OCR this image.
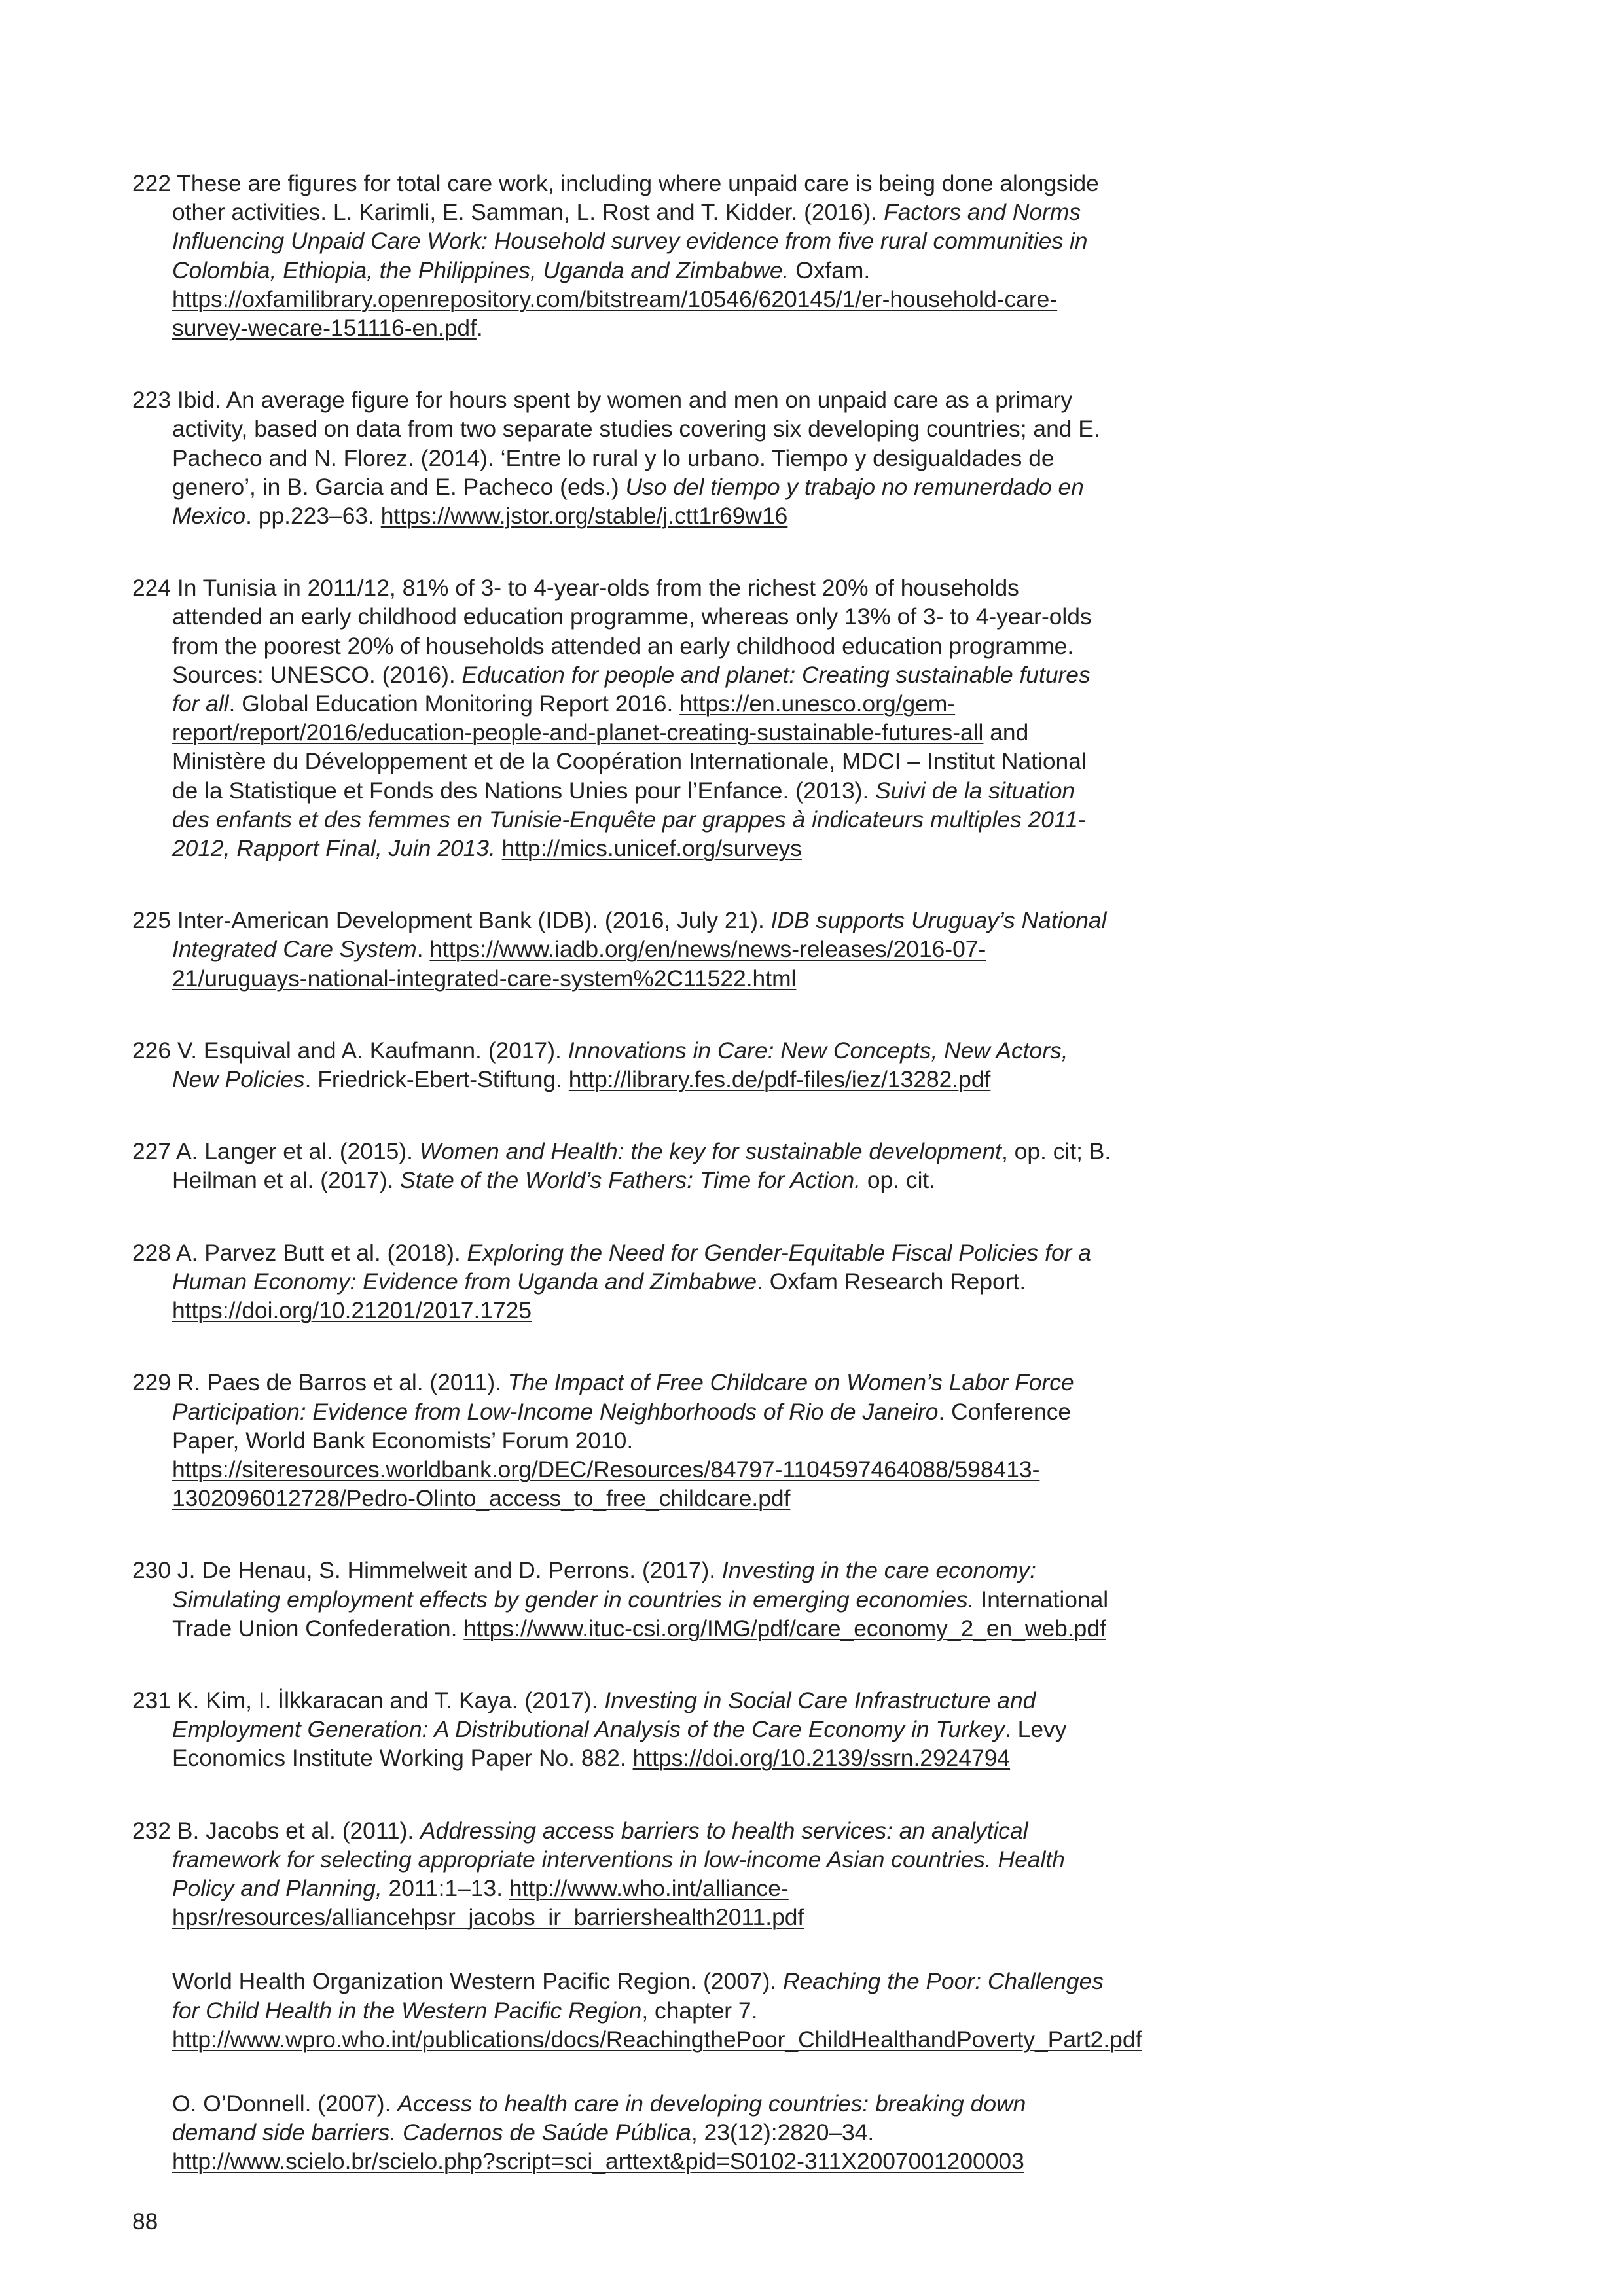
222 These are figures for total care work, including where unpaid care is being done alongside other activities. L. Karimli, E. Samman, L. Rost and T. Kidder. (2016). Factors and Norms Influencing Unpaid Care Work: Household survey evidence from five rural communities in Colombia, Ethiopia, the Philippines, Uganda and Zimbabwe. Oxfam. https://oxfamilibrary.openrepository.com/bitstream/10546/620145/1/er-household-care-survey-wecare-151116-en.pdf.

223 Ibid. An average figure for hours spent by women and men on unpaid care as a primary activity, based on data from two separate studies covering six developing countries; and E. Pacheco and N. Florez. (2014). ‘Entre lo rural y lo urbano. Tiempo y desigualdades de genero’, in B. Garcia and E. Pacheco (eds.) Uso del tiempo y trabajo no remunerdado en Mexico. pp.223–63. https://www.jstor.org/stable/j.ctt1r69w16

224 In Tunisia in 2011/12, 81% of 3- to 4-year-olds from the richest 20% of households attended an early childhood education programme, whereas only 13% of 3- to 4-year-olds from the poorest 20% of households attended an early childhood education programme. Sources: UNESCO. (2016). Education for people and planet: Creating sustainable futures for all. Global Education Monitoring Report 2016. https://en.unesco.org/gem-report/report/2016/education-people-and-planet-creating-sustainable-futures-all and Ministère du Développement et de la Coopération Internationale, MDCI – Institut National de la Statistique et Fonds des Nations Unies pour l’Enfance. (2013). Suivi de la situation des enfants et des femmes en Tunisie-Enquête par grappes à indicateurs multiples 2011-2012, Rapport Final, Juin 2013. http://mics.unicef.org/surveys

225 Inter-American Development Bank (IDB). (2016, July 21). IDB supports Uruguay’s National Integrated Care System. https://www.iadb.org/en/news/news-releases/2016-07-21/uruguays-national-integrated-care-system%2C11522.html

226 V. Esquival and A. Kaufmann. (2017). Innovations in Care: New Concepts, New Actors, New Policies. Friedrick-Ebert-Stiftung. http://library.fes.de/pdf-files/iez/13282.pdf

227 A. Langer et al. (2015). Women and Health: the key for sustainable development, op. cit; B. Heilman et al. (2017). State of the World’s Fathers: Time for Action. op. cit.

228 A. Parvez Butt et al. (2018). Exploring the Need for Gender-Equitable Fiscal Policies for a Human Economy: Evidence from Uganda and Zimbabwe. Oxfam Research Report. https://doi.org/10.21201/2017.1725

229 R. Paes de Barros et al. (2011). The Impact of Free Childcare on Women’s Labor Force Participation: Evidence from Low-Income Neighborhoods of Rio de Janeiro. Conference Paper, World Bank Economists’ Forum 2010. https://siteresources.worldbank.org/DEC/Resources/84797-1104597464088/598413-1302096012728/Pedro-Olinto_access_to_free_childcare.pdf

230 J. De Henau, S. Himmelweit and D. Perrons. (2017). Investing in the care economy: Simulating employment effects by gender in countries in emerging economies. International Trade Union Confederation. https://www.ituc-csi.org/IMG/pdf/care_economy_2_en_web.pdf

231 K. Kim, I. İlkkaracan and T. Kaya. (2017). Investing in Social Care Infrastructure and Employment Generation: A Distributional Analysis of the Care Economy in Turkey. Levy Economics Institute Working Paper No. 882. https://doi.org/10.2139/ssrn.2924794

232 B. Jacobs et al. (2011). Addressing access barriers to health services: an analytical framework for selecting appropriate interventions in low-income Asian countries. Health Policy and Planning, 2011:1–13. http://www.who.int/alliance-hpsr/resources/alliancehpsr_jacobs_ir_barriershealth2011.pdf

World Health Organization Western Pacific Region. (2007). Reaching the Poor: Challenges for Child Health in the Western Pacific Region, chapter 7. http://www.wpro.who.int/publications/docs/ReachingthePoor_ChildHealthandPoverty_Part2.pdf

O. O’Donnell. (2007). Access to health care in developing countries: breaking down demand side barriers. Cadernos de Saúde Pública, 23(12):2820–34. http://www.scielo.br/scielo.php?script=sci_arttext&pid=S0102-311X2007001200003

88
